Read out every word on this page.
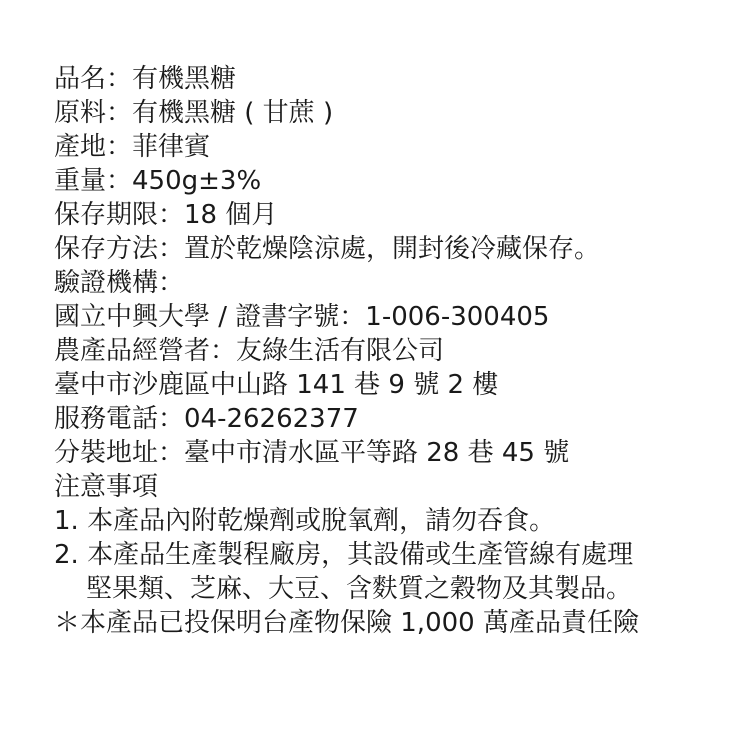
品名：有機黑糖
原料：有機黑糖 ( 甘蔗 )
產地：菲律賓
重量：450g±3%
保存期限：18 個月
保存方法：置於乾燥陰涼處，開封後冷藏保存。
驗證機構：
國立中興大學 / 證書字號：1-006-300405
農產品經營者：友綠生活有限公司
臺中市沙鹿區中山路 141 巷 9 號 2 樓
服務電話：04-26262377
分裝地址：臺中市清水區平等路 28 巷 45 號
注意事項
1. 本產品內附乾燥劑或脫氧劑，請勿吞食。
2. 本產品生產製程廠房，其設備或生產管線有處理
堅果類、芝麻、大豆、含麩質之穀物及其製品。
＊本產品已投保明台產物保險 1,000 萬產品責任險
